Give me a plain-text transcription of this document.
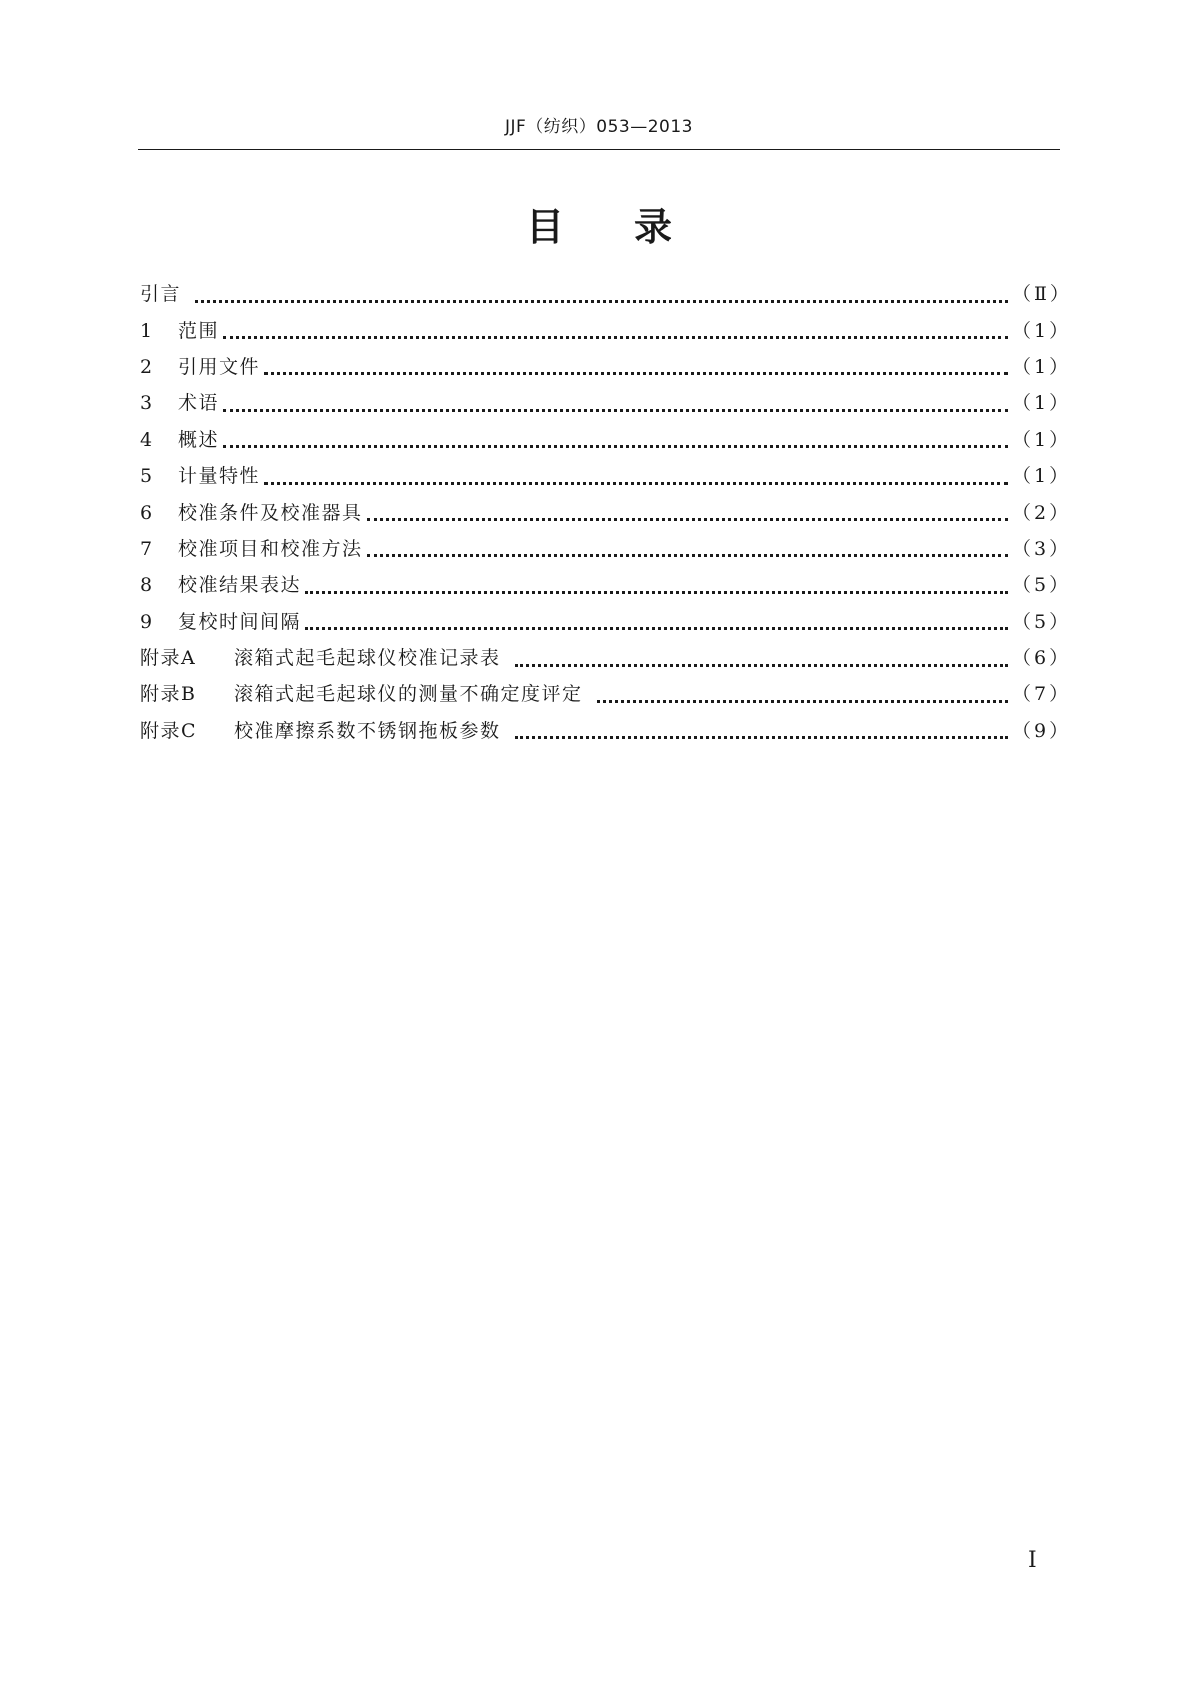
JJF（纺织）053—2013
目 录
引言	（Ⅱ）
1	范围	（1）
2	引用文件	（1）
3	术语	（1）
4	概述	（1）
5	计量特性	（1）
6	校准条件及校准器具	（2）
7	校准项目和校准方法	（3）
8	校准结果表达	（5）
9	复校时间间隔	（5）
附录A	滚箱式起毛起球仪校准记录表	（6）
附录B	滚箱式起毛起球仪的测量不确定度评定	（7）
附录C	校准摩擦系数不锈钢拖板参数	（9）
Ⅰ
